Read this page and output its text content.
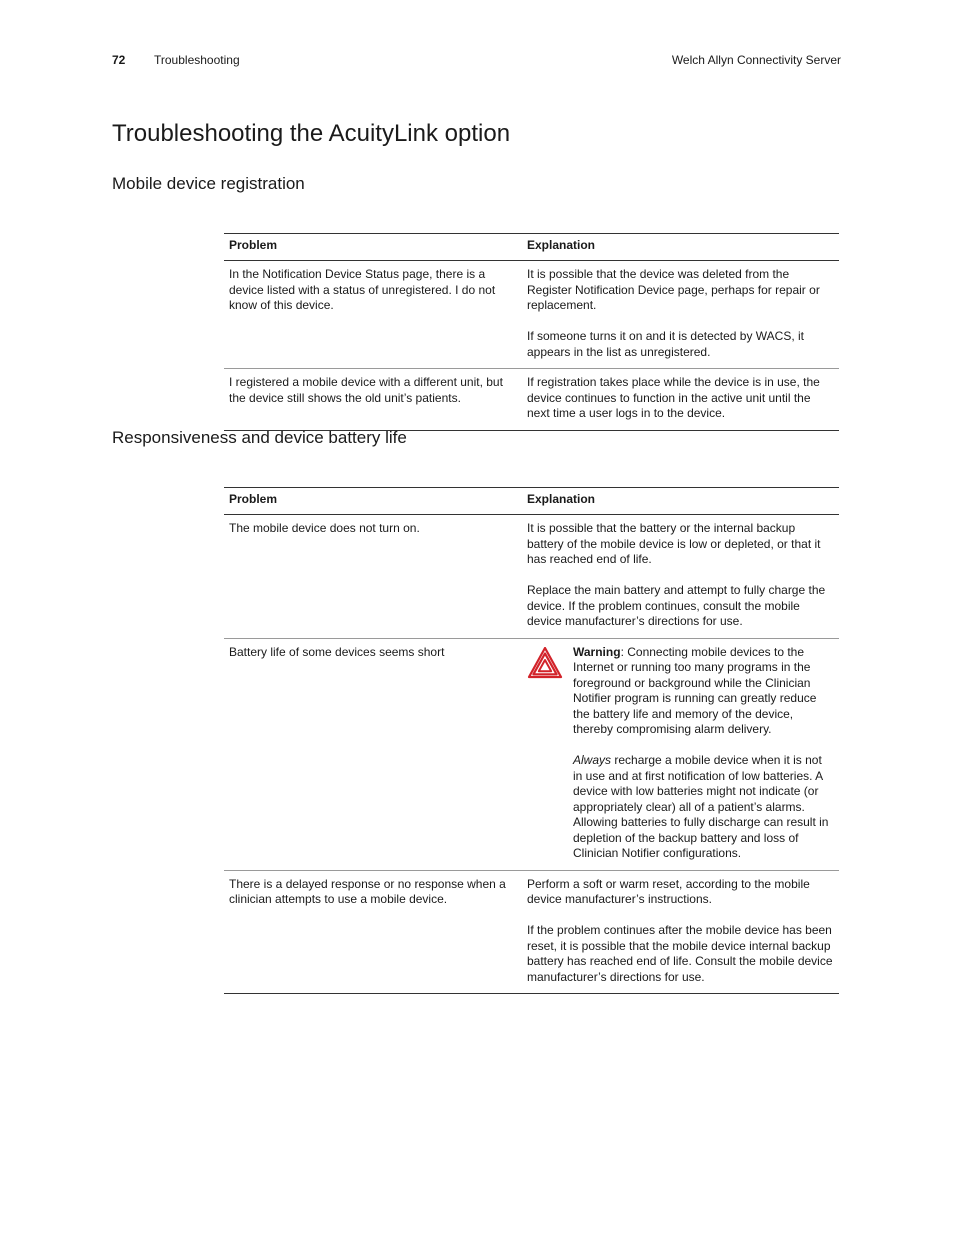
72 Troubleshooting	Welch Allyn Connectivity Server
Troubleshooting the AcuityLink option
Mobile device registration
Problem	Explanation

In the Notification Device Status page, there is a device listed with a status of unregistered. I do not know of this device.	It is possible that the device was deleted from the Register Notification Device page, perhaps for repair or replacement.

If someone turns it on and it is detected by WACS, it appears in the list as unregistered.

I registered a mobile device with a different unit, but the device still shows the old unit’s patients.	If registration takes place while the device is in use, the device continues to function in the active unit until the next time a user logs in to the device.

Responsiveness and device battery life
Problem	Explanation

The mobile device does not turn on.	It is possible that the battery or the internal backup battery of the mobile device is low or depleted, or that it has reached end of life.

Replace the main battery and attempt to fully charge the device. If the problem continues, consult the mobile device manufacturer’s directions for use.

Battery life of some devices seems short	Warning: Connecting mobile devices to the Internet or running too many programs in the foreground or background while the Clinician Notifier program is running can greatly reduce the battery life and memory of the device, thereby compromising alarm delivery.

Always recharge a mobile device when it is not in use and at first notification of low batteries. A device with low batteries might not indicate (or appropriately clear) all of a patient’s alarms. Allowing batteries to fully discharge can result in depletion of the backup battery and loss of Clinician Notifier configurations.

There is a delayed response or no response when a clinician attempts to use a mobile device.	Perform a soft or warm reset, according to the mobile device manufacturer’s instructions.

If the problem continues after the mobile device has been reset, it is possible that the mobile device internal backup battery has reached end of life. Consult the mobile device manufacturer’s directions for use.
